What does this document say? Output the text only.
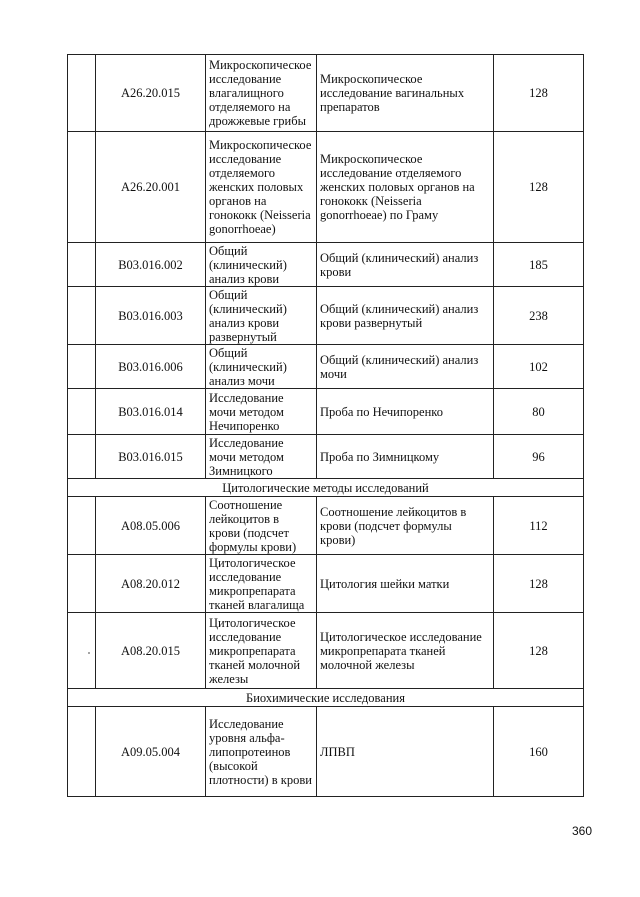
	А26.20.015	Микроскопическое исследование влагалищного отделяемого на дрожжевые грибы	Микроскопическое исследование вагинальных препаратов	128
	А26.20.001	Микроскопическое исследование отделяемого женских половых органов на гонококк (Neisseria gonorrhoeae)	Микроскопическое исследование отделяемого женских половых органов на гонококк (Neisseria gonorrhoeae) по Граму	128
	В03.016.002	Общий (клинический) анализ крови	Общий (клинический) анализ крови	185
	В03.016.003	Общий (клинический) анализ крови развернутый	Общий (клинический) анализ крови развернутый	238
	В03.016.006	Общий (клинический) анализ мочи	Общий (клинический) анализ мочи	102
	В03.016.014	Исследование мочи методом Нечипоренко	Проба по Нечипоренко	80
	В03.016.015	Исследование мочи методом Зимницкого	Проба по Зимницкому	96
Цитологические методы исследований				
	А08.05.006	Соотношение лейкоцитов в крови (подсчет формулы крови)	Соотношение лейкоцитов в крови (подсчет формулы крови)	112
	А08.20.012	Цитологическое исследование микропрепарата тканей влагалища	Цитология шейки матки	128
	А08.20.015	Цитологическое исследование микропрепарата тканей молочной железы	Цитологическое исследование микропрепарата тканей молочной железы	128
Биохимические исследования				
	А09.05.004	Исследование уровня альфа-липопротеинов (высокой плотности) в крови	ЛПВП	160
360
